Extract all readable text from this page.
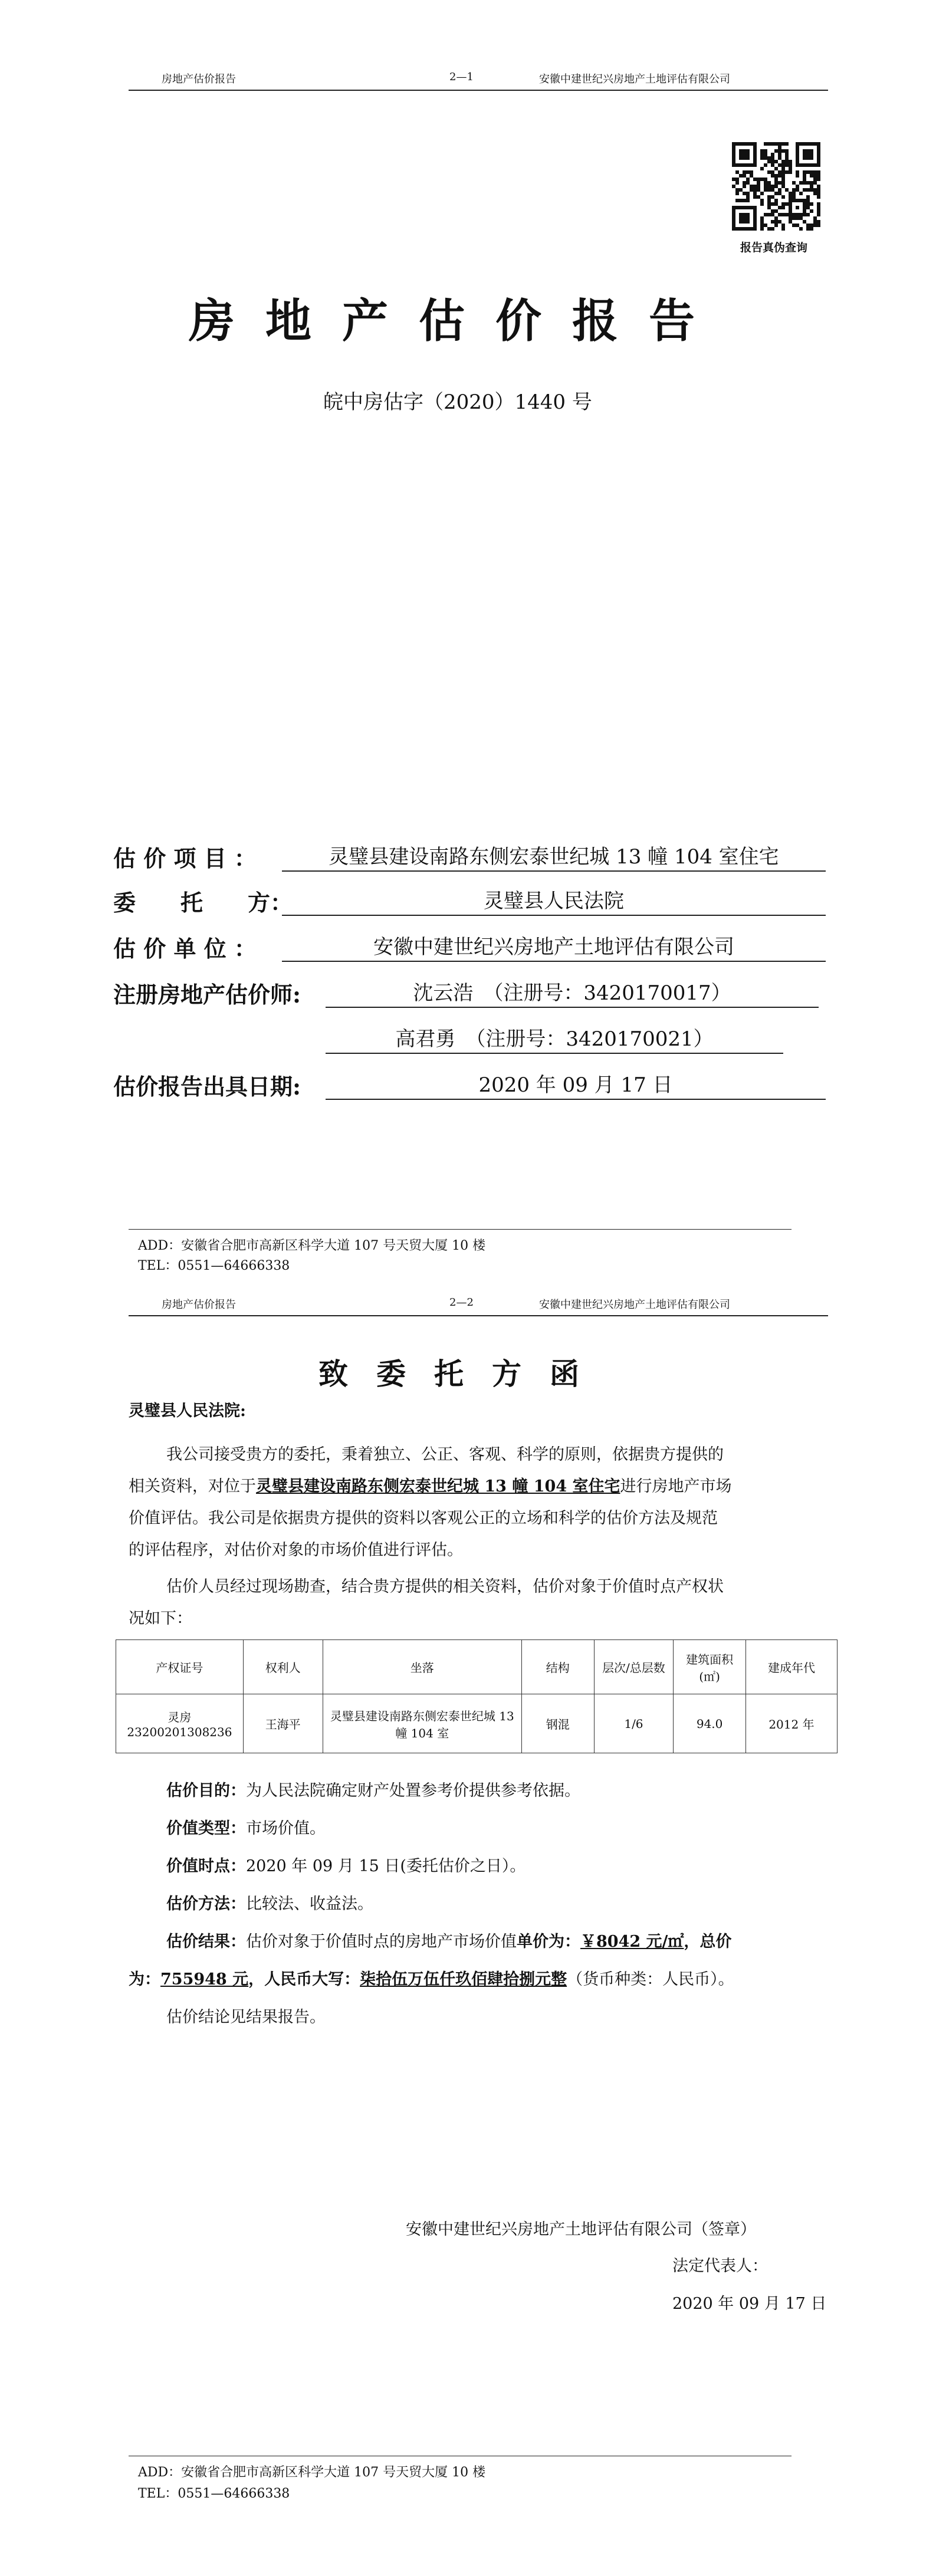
房地产估价报告	2—1	安徽中建世纪兴房地产土地评估有限公司
报告真伪查询
房地产估价报告
皖中房估字（2020）1440 号
估 价 项 目 ：	灵璧县建设南路东侧宏泰世纪城 13 幢 104 室住宅
委　　托　　方：	灵璧县人民法院
估 价 单 位 ：	安徽中建世纪兴房地产土地评估有限公司
注册房地产估价师:	沈云浩　（注册号：3420170017）
高君勇　（注册号：3420170021）
估价报告出具日期:	2020 年 09 月 17 日
ADD：安徽省合肥市高新区科学大道 107 号天贸大厦 10 楼
TEL：0551—64666338
房地产估价报告	2—2	安徽中建世纪兴房地产土地评估有限公司
致委托方函
灵璧县人民法院:
我公司接受贵方的委托，秉着独立、公正、客观、科学的原则，依据贵方提供的
相关资料，对位于灵璧县建设南路东侧宏泰世纪城 13 幢 104 室住宅进行房地产市场
价值评估。我公司是依据贵方提供的资料以客观公正的立场和科学的估价方法及规范
的评估程序，对估价对象的市场价值进行评估。
估价人员经过现场勘查，结合贵方提供的相关资料，估价对象于价值时点产权状
况如下：
产权证号	权利人	坐落	结构	层次/总层数	建筑面积(㎡)	建成年代

灵房
23200201308236	王海平	灵璧县建设南路东侧宏泰世纪城 13 幢 104 室	钢混	1/6	94.0	2012 年
估价目的：为人民法院确定财产处置参考价提供参考依据。
价值类型：市场价值。
价值时点：2020 年 09 月 15 日(委托估价之日）。
估价方法：比较法、收益法。
估价结果：估价对象于价值时点的房地产市场价值单价为：￥8042 元/㎡，总价
为：755948 元，人民币大写：柒拾伍万伍仟玖佰肆拾捌元整（货币种类：人民币）。
估价结论见结果报告。
安徽中建世纪兴房地产土地评估有限公司（签章）
法定代表人：
2020 年 09 月 17 日
ADD：安徽省合肥市高新区科学大道 107 号天贸大厦 10 楼
TEL：0551—64666338
